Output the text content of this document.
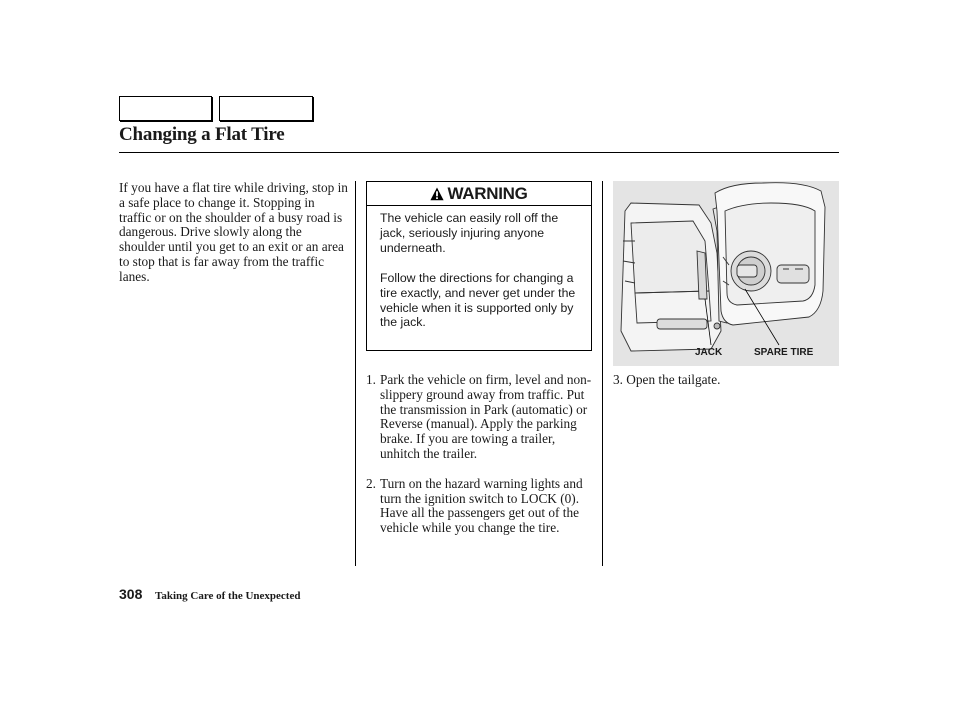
Changing a Flat Tire

If you have a flat tire while driving, stop in a safe place to change it. Stopping in traffic or on the shoulder of a busy road is dangerous. Drive slowly along the shoulder until you get to an exit or an area to stop that is far away from the traffic lanes.

WARNING

The vehicle can easily roll off the jack, seriously injuring anyone underneath.

Follow the directions for changing a tire exactly, and never get under the vehicle when it is supported only by the jack.

1. Park the vehicle on firm, level and non-slippery ground away from traffic. Put the transmission in Park (automatic) or Reverse (manual). Apply the parking brake. If you are towing a trailer, unhitch the trailer.
2. Turn on the hazard warning lights and turn the ignition switch to LOCK (0). Have all the passengers get out of the vehicle while you change the tire.
JACK	SPARE TIRE

3. Open the tailgate.

308 Taking Care of the Unexpected
